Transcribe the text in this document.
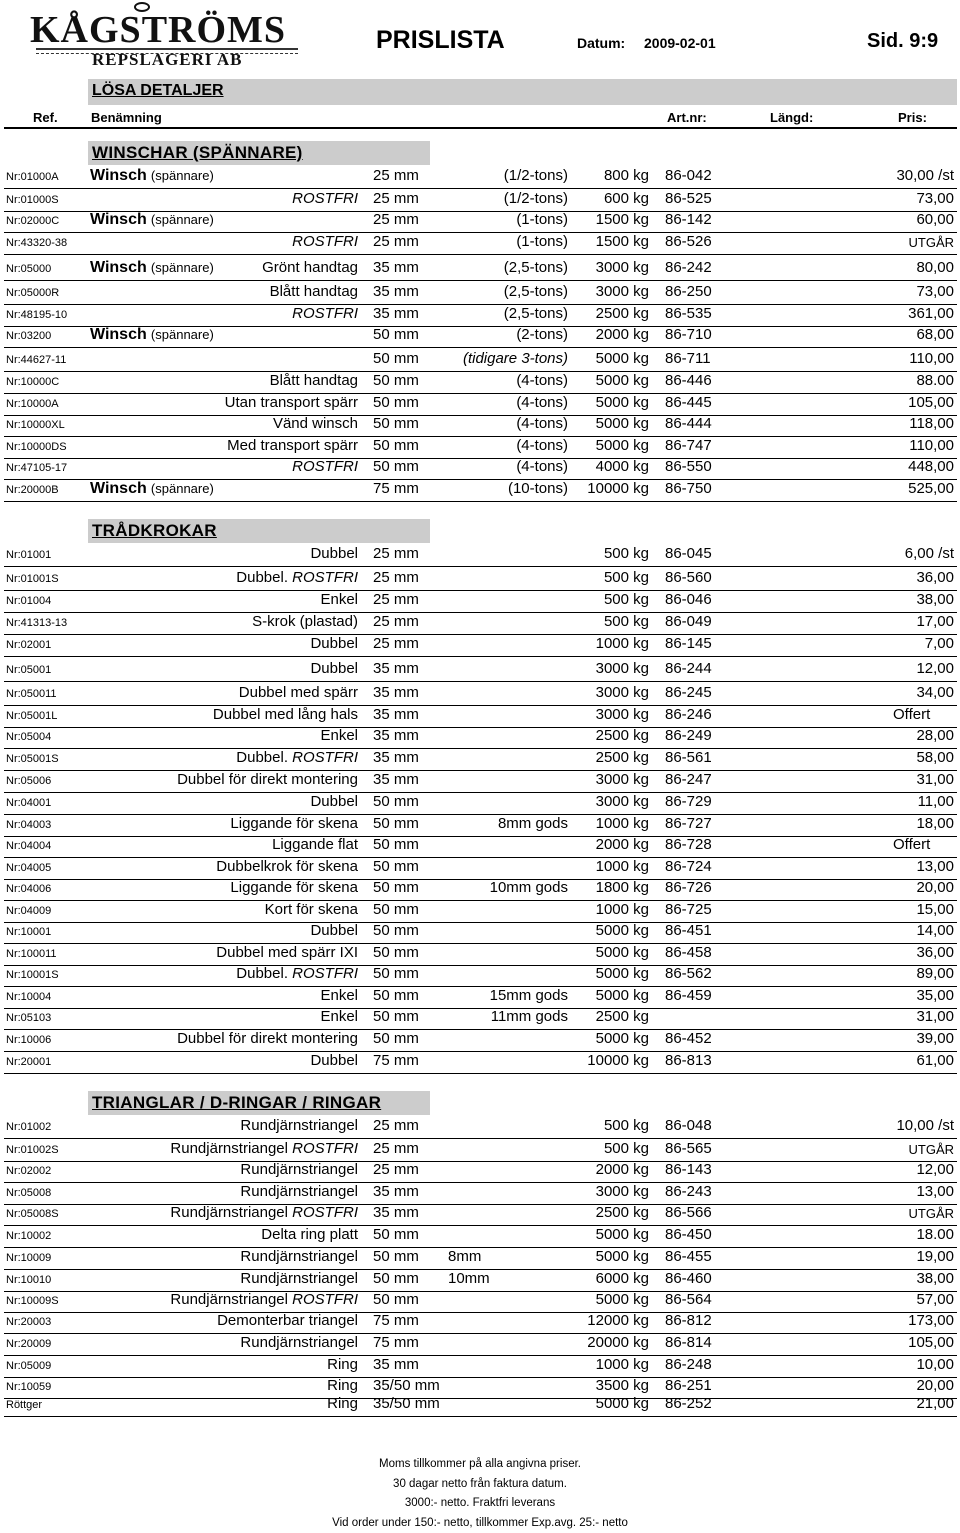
KÅGSTRÖMS
REPSLAGERI AB
PRISLISTA	Datum: 2009-02-01	Sid. 9:9
LÖSA DETALJER
Ref.	Benämning	Art.nr:	Längd:	Pris:
WINSCHAR (SPÄNNARE)
Nr:01000A Winsch (spännare)	25 mm	(1/2-tons) 800 kg 86-042	30,00 /st
Nr:01000S	ROSTFRI 25 mm	(1/2-tons) 600 kg 86-525	73,00
Nr:02000C Winsch (spännare)	25 mm	(1-tons) 1500 kg 86-142	60,00
Nr:43320-38	ROSTFRI 25 mm	(1-tons) 1500 kg 86-526	UTGÅR
Nr:05000 Winsch (spännare)	Grönt handtag 35 mm	(2,5-tons) 3000 kg 86-242	80,00
Nr:05000R	Blått handtag 35 mm	(2,5-tons) 3000 kg 86-250	73,00
Nr:48195-10	ROSTFRI 35 mm	(2,5-tons) 2500 kg 86-535	361,00
Nr:03200 Winsch (spännare)	50 mm	(2-tons) 2000 kg 86-710	68,00
Nr:44627-11	50 mm	(tidigare 3-tons) 5000 kg 86-711	110,00
Nr:10000C	Blått handtag 50 mm	(4-tons) 5000 kg 86-446	88.00
Nr:10000A	Utan transport spärr 50 mm	(4-tons) 5000 kg 86-445	105,00
Nr:10000XL	Vänd winsch 50 mm	(4-tons) 5000 kg 86-444	118,00
Nr:10000DS	Med transport spärr 50 mm	(4-tons) 5000 kg 86-747	110,00
Nr:47105-17	ROSTFRI 50 mm	(4-tons) 4000 kg 86-550	448,00
Nr:20000B Winsch (spännare)	75 mm	(10-tons) 10000 kg 86-750	525,00
TRÅDKROKAR
Nr:01001	Dubbel 25 mm	500 kg 86-045	6,00 /st
Nr:01001S	Dubbel. ROSTFRI 25 mm	500 kg 86-560	36,00
Nr:01004	Enkel 25 mm	500 kg 86-046	38,00
Nr:41313-13	S-krok (plastad) 25 mm	500 kg 86-049	17,00
Nr:02001	Dubbel 25 mm	1000 kg 86-145	7,00
Nr:05001	Dubbel 35 mm	3000 kg 86-244	12,00
Nr:050011	Dubbel med spärr 35 mm	3000 kg 86-245	34,00
Nr:05001L	Dubbel med lång hals 35 mm	3000 kg 86-246	Offert
Nr:05004	Enkel 35 mm	2500 kg 86-249	28,00
Nr:05001S	Dubbel. ROSTFRI 35 mm	2500 kg 86-561	58,00
Nr:05006	Dubbel för direkt montering 35 mm	3000 kg 86-247	31,00
Nr:04001	Dubbel 50 mm	3000 kg 86-729	11,00
Nr:04003	Liggande för skena 50 mm	8mm gods 1000 kg 86-727	18,00
Nr:04004	Liggande flat 50 mm	2000 kg 86-728	Offert
Nr:04005	Dubbelkrok för skena 50 mm	1000 kg 86-724	13,00
Nr:04006	Liggande för skena 50 mm	10mm gods 1800 kg 86-726	20,00
Nr:04009	Kort för skena 50 mm	1000 kg 86-725	15,00
Nr:10001	Dubbel 50 mm	5000 kg 86-451	14,00
Nr:100011	Dubbel med spärr IXI 50 mm	5000 kg 86-458	36,00
Nr:10001S	Dubbel. ROSTFRI 50 mm	5000 kg 86-562	89,00
Nr:10004	Enkel 50 mm	15mm gods 5000 kg 86-459	35,00
Nr:05103	Enkel 50 mm	11mm gods 2500 kg	31,00
Nr:10006	Dubbel för direkt montering 50 mm	5000 kg 86-452	39,00
Nr:20001	Dubbel 75 mm	10000 kg 86-813	61,00
TRIANGLAR / D-RINGAR / RINGAR
Nr:01002	Rundjärnstriangel 25 mm	500 kg 86-048	10,00 /st
Nr:01002S	Rundjärnstriangel ROSTFRI 25 mm	500 kg 86-565	UTGÅR
Nr:02002	Rundjärnstriangel 25 mm	2000 kg 86-143	12,00
Nr:05008	Rundjärnstriangel 35 mm	3000 kg 86-243	13,00
Nr:05008S	Rundjärnstriangel ROSTFRI 35 mm	2500 kg 86-566	UTGÅR
Nr:10002	Delta ring platt 50 mm	5000 kg 86-450	18.00
Nr:10009	Rundjärnstriangel 50 mm 8mm	5000 kg 86-455	19,00
Nr:10010	Rundjärnstriangel 50 mm 10mm	6000 kg 86-460	38,00
Nr:10009S	Rundjärnstriangel ROSTFRI 50 mm	5000 kg 86-564	57,00
Nr:20003	Demonterbar triangel 75 mm	12000 kg 86-812	173,00
Nr:20009	Rundjärnstriangel 75 mm	20000 kg 86-814	105,00
Nr:05009	Ring 35 mm	1000 kg 86-248	10,00
Nr:10059	Ring 35/50 mm	3500 kg 86-251	20,00
Röttger	Ring 35/50 mm	5000 kg 86-252	21,00
Moms tillkommer på alla angivna priser.
30 dagar netto från faktura datum.
3000:- netto. Fraktfri leverans
Vid order under 150:- netto, tillkommer Exp.avg. 25:- netto
